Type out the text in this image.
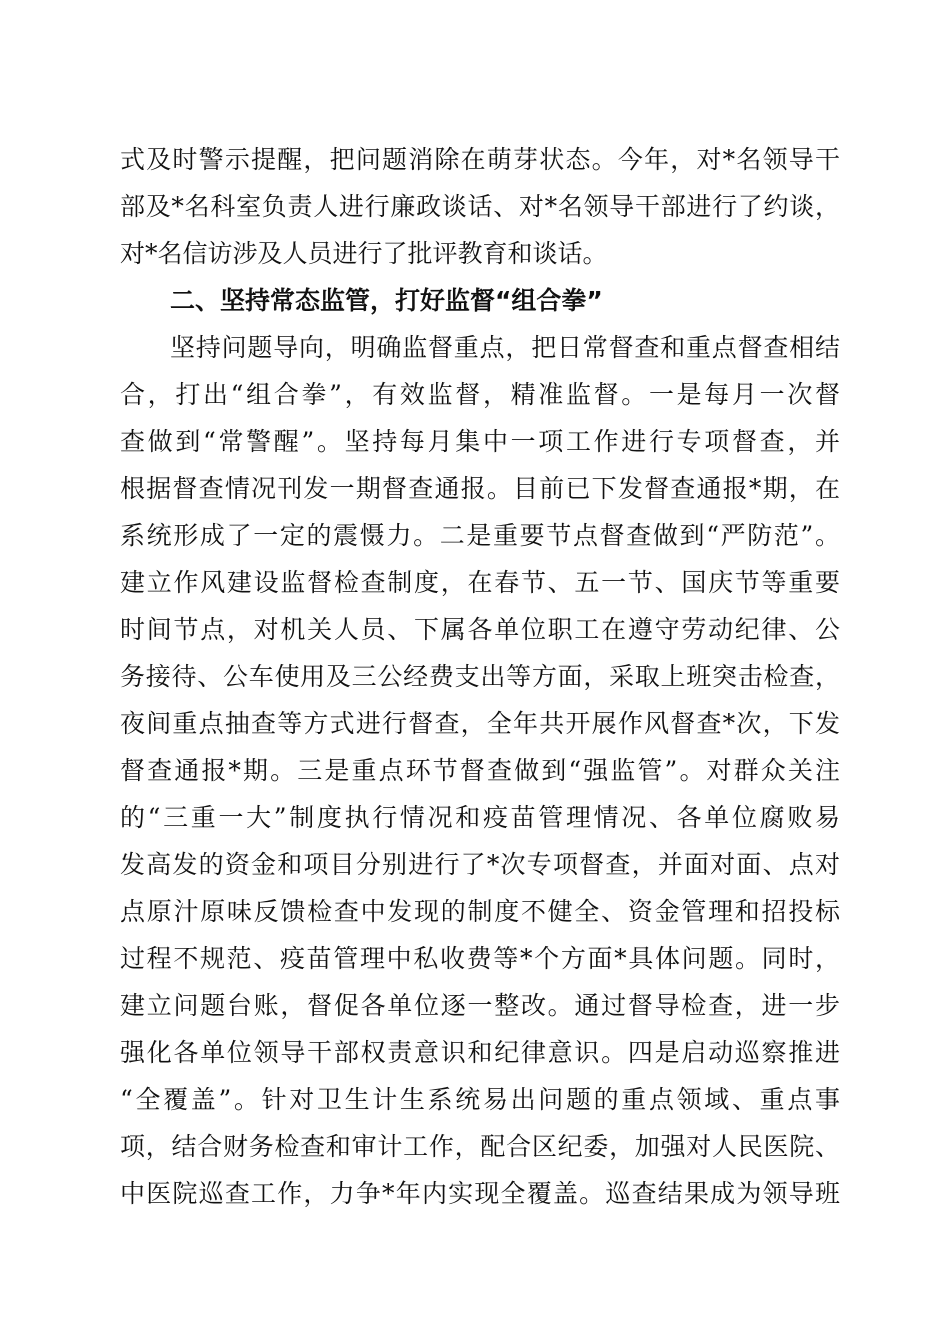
式及时警示提醒，把问题消除在萌芽状态。今年，对*名领导干
部及*名科室负责人进行廉政谈话、对*名领导干部进行了约谈，
对*名信访涉及人员进行了批评教育和谈话。
二、坚持常态监管，打好监督“组合拳”
坚持问题导向，明确监督重点，把日常督查和重点督查相结
合，打出“组合拳”，有效监督，精准监督。一是每月一次督
查做到“常警醒”。坚持每月集中一项工作进行专项督查，并
根据督查情况刊发一期督查通报。目前已下发督查通报*期，在
系统形成了一定的震慑力。二是重要节点督查做到“严防范”。
建立作风建设监督检查制度，在春节、五一节、国庆节等重要
时间节点，对机关人员、下属各单位职工在遵守劳动纪律、公
务接待、公车使用及三公经费支出等方面，采取上班突击检查，
夜间重点抽查等方式进行督查，全年共开展作风督查*次，下发
督查通报*期。三是重点环节督查做到“强监管”。对群众关注
的“三重一大”制度执行情况和疫苗管理情况、各单位腐败易
发高发的资金和项目分别进行了*次专项督查，并面对面、点对
点原汁原味反馈检查中发现的制度不健全、资金管理和招投标
过程不规范、疫苗管理中私收费等*个方面*具体问题。同时，
建立问题台账，督促各单位逐一整改。通过督导检查，进一步
强化各单位领导干部权责意识和纪律意识。四是启动巡察推进
“全覆盖”。针对卫生计生系统易出问题的重点领域、重点事
项，结合财务检查和审计工作，配合区纪委，加强对人民医院、
中医院巡查工作，力争*年内实现全覆盖。巡查结果成为领导班
